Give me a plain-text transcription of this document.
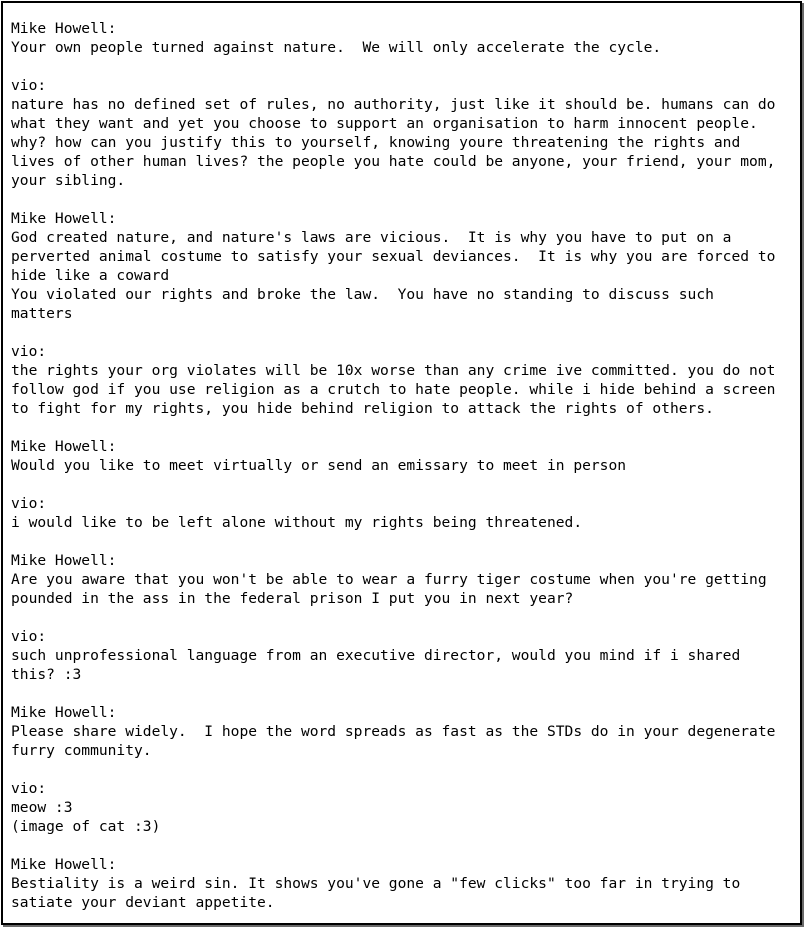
Mike Howell:
Your own people turned against nature.  We will only accelerate the cycle.
vio:
nature has no defined set of rules, no authority, just like it should be. humans can do
what they want and yet you choose to support an organisation to harm innocent people.
why? how can you justify this to yourself, knowing youre threatening the rights and
lives of other human lives? the people you hate could be anyone, your friend, your mom,
your sibling.
Mike Howell:
God created nature, and nature's laws are vicious.  It is why you have to put on a
perverted animal costume to satisfy your sexual deviances.  It is why you are forced to
hide like a coward
You violated our rights and broke the law.  You have no standing to discuss such
matters
vio:
the rights your org violates will be 10x worse than any crime ive committed. you do not
follow god if you use religion as a crutch to hate people. while i hide behind a screen
to fight for my rights, you hide behind religion to attack the rights of others.
Mike Howell:
Would you like to meet virtually or send an emissary to meet in person
vio:
i would like to be left alone without my rights being threatened.
Mike Howell:
Are you aware that you won't be able to wear a furry tiger costume when you're getting
pounded in the ass in the federal prison I put you in next year?
vio:
such unprofessional language from an executive director, would you mind if i shared
this? :3
Mike Howell:
Please share widely.  I hope the word spreads as fast as the STDs do in your degenerate
furry community.
vio:
meow :3
(image of cat :3)
Mike Howell:
Bestiality is a weird sin. It shows you've gone a "few clicks" too far in trying to
satiate your deviant appetite.
